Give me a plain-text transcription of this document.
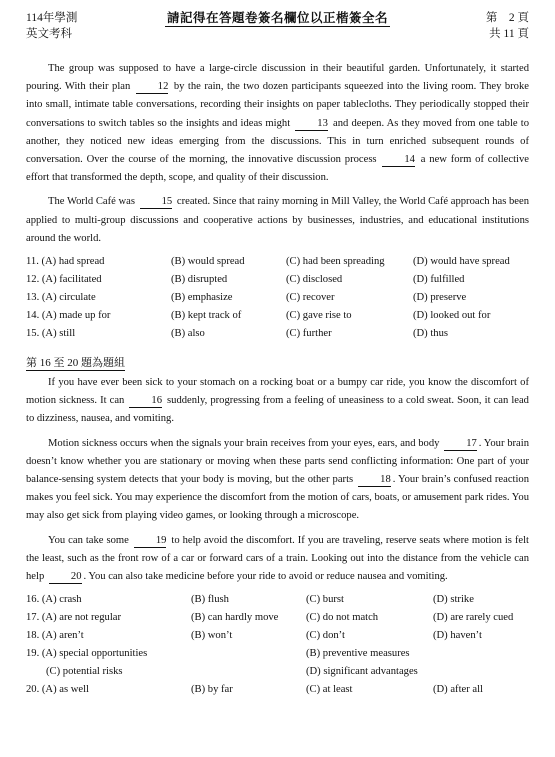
114年學測
英文考科
請記得在答題卷簽名欄位以正楷簽全名	第　2 頁
共 11 頁

The group was supposed to have a large-circle discussion in their beautiful garden. Unfortunately, it started pouring. With their plan	12 by the rain, the two dozen participants squeezed into the living room. They broke into small, intimate table conversations, recording their insights on paper tablecloths. They periodically stopped their conversations to switch tables so the insights and ideas might	13 and deepen. As they moved from one table to another, they noticed new ideas emerging from the discussions. This in turn enriched subsequent rounds of conversation. Over the course of the morning, the innovative discussion process	14 a new form of collective effort that transformed the depth, scope, and quality of their discussion.

The World Café was	15 created. Since that rainy morning in Mill Valley, the World Café approach has been applied to multi-group discussions and cooperative actions by businesses, industries, and educational institutions around the world.

11. (A) had spread	(B) would spread	(C) had been spreading	(D) would have spread
12. (A) facilitated	(B) disrupted	(C) disclosed	(D) fulfilled
13. (A) circulate	(B) emphasize	(C) recover	(D) preserve
14. (A) made up for	(B) kept track of	(C) gave rise to	(D) looked out for
15. (A) still	(B) also	(C) further	(D) thus
第 16 至 20 題為題組

If you have ever been sick to your stomach on a rocking boat or a bumpy car ride, you know the discomfort of motion sickness. It can	16 suddenly, progressing from a feeling of uneasiness to a cold sweat. Soon, it can lead to dizziness, nausea, and vomiting.

Motion sickness occurs when the signals your brain receives from your eyes, ears, and body	17 . Your brain doesn’t know whether you are stationary or moving when these parts send conflicting information: One part of your balance-sensing system detects that your body is moving, but the other parts	18 . Your brain’s confused reaction makes you feel sick. You may experience the discomfort from the motion of cars, boats, or amusement park rides. You may also get sick from playing video games, or looking through a microscope.

You can take some	19 to help avoid the discomfort. If you are traveling, reserve seats where motion is felt the least, such as the front row of a car or forward cars of a train. Looking out into the distance from the vehicle can help	20 . You can also take medicine before your ride to avoid or reduce nausea and vomiting.

16. (A) crash	(B) flush	(C) burst	(D) strike
17. (A) are not regular	(B) can hardly move	(C) do not match	(D) are rarely cued
18. (A) aren’t	(B) won’t	(C) don’t	(D) haven’t
19. (A) special opportunities		(B) preventive measures	
(C) potential risks		(D) significant advantages	
20. (A) as well	(B) by far	(C) at least	(D) after all
